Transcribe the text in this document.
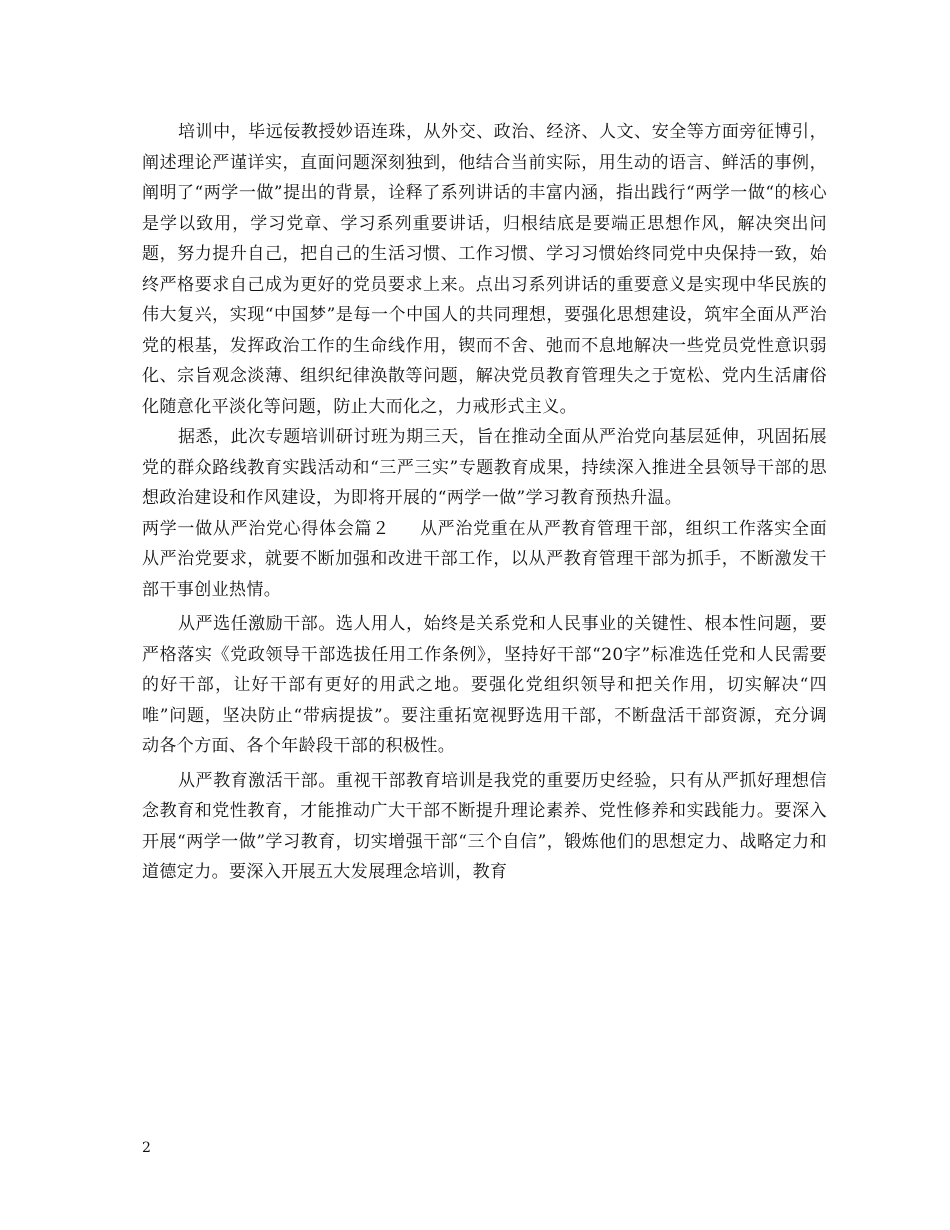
培训中，毕远佞教授妙语连珠，从外交、政治、经济、人文、安全等方面旁征博引，阐述理论严谨详实，直面问题深刻独到，他结合当前实际，用生动的语言、鲜活的事例，阐明了“两学一做”提出的背景，诠释了系列讲话的丰富内涵，指出践行“两学一做“的核心是学以致用，学习党章、学习系列重要讲话，归根结底是要端正思想作风，解决突出问题，努力提升自己，把自己的生活习惯、工作习惯、学习习惯始终同党中央保持一致，始终严格要求自己成为更好的党员要求上来。点出习系列讲话的重要意义是实现中华民族的伟大复兴，实现“中国梦”是每一个中国人的共同理想，要强化思想建设，筑牢全面从严治党的根基，发挥政治工作的生命线作用，锲而不舍、弛而不息地解决一些党员党性意识弱化、宗旨观念淡薄、组织纪律涣散等问题，解决党员教育管理失之于宽松、党内生活庸俗化随意化平淡化等问题，防止大而化之，力戒形式主义。

据悉，此次专题培训研讨班为期三天，旨在推动全面从严治党向基层延伸，巩固拓展党的群众路线教育实践活动和“三严三实”专题教育成果，持续深入推进全县领导干部的思想政治建设和作风建设，为即将开展的“两学一做”学习教育预热升温。

两学一做从严治党心得体会篇２ 从严治党重在从严教育管理干部，组织工作落实全面从严治党要求，就要不断加强和改进干部工作，以从严教育管理干部为抓手，不断激发干部干事创业热情。

从严选任激励干部。选人用人，始终是关系党和人民事业的关键性、根本性问题，要严格落实《党政领导干部选拔任用工作条例》，坚持好干部“20字”标准选任党和人民需要的好干部，让好干部有更好的用武之地。要强化党组织领导和把关作用，切实解决“四唯”问题，坚决防止“带病提拔”。要注重拓宽视野选用干部，不断盘活干部资源，充分调动各个方面、各个年龄段干部的积极性。

从严教育激活干部。重视干部教育培训是我党的重要历史经验，只有从严抓好理想信念教育和党性教育，才能推动广大干部不断提升理论素养、党性修养和实践能力。要深入开展“两学一做”学习教育，切实增强干部“三个自信”，锻炼他们的思想定力、战略定力和道德定力。要深入开展五大发展理念培训，教育

2
